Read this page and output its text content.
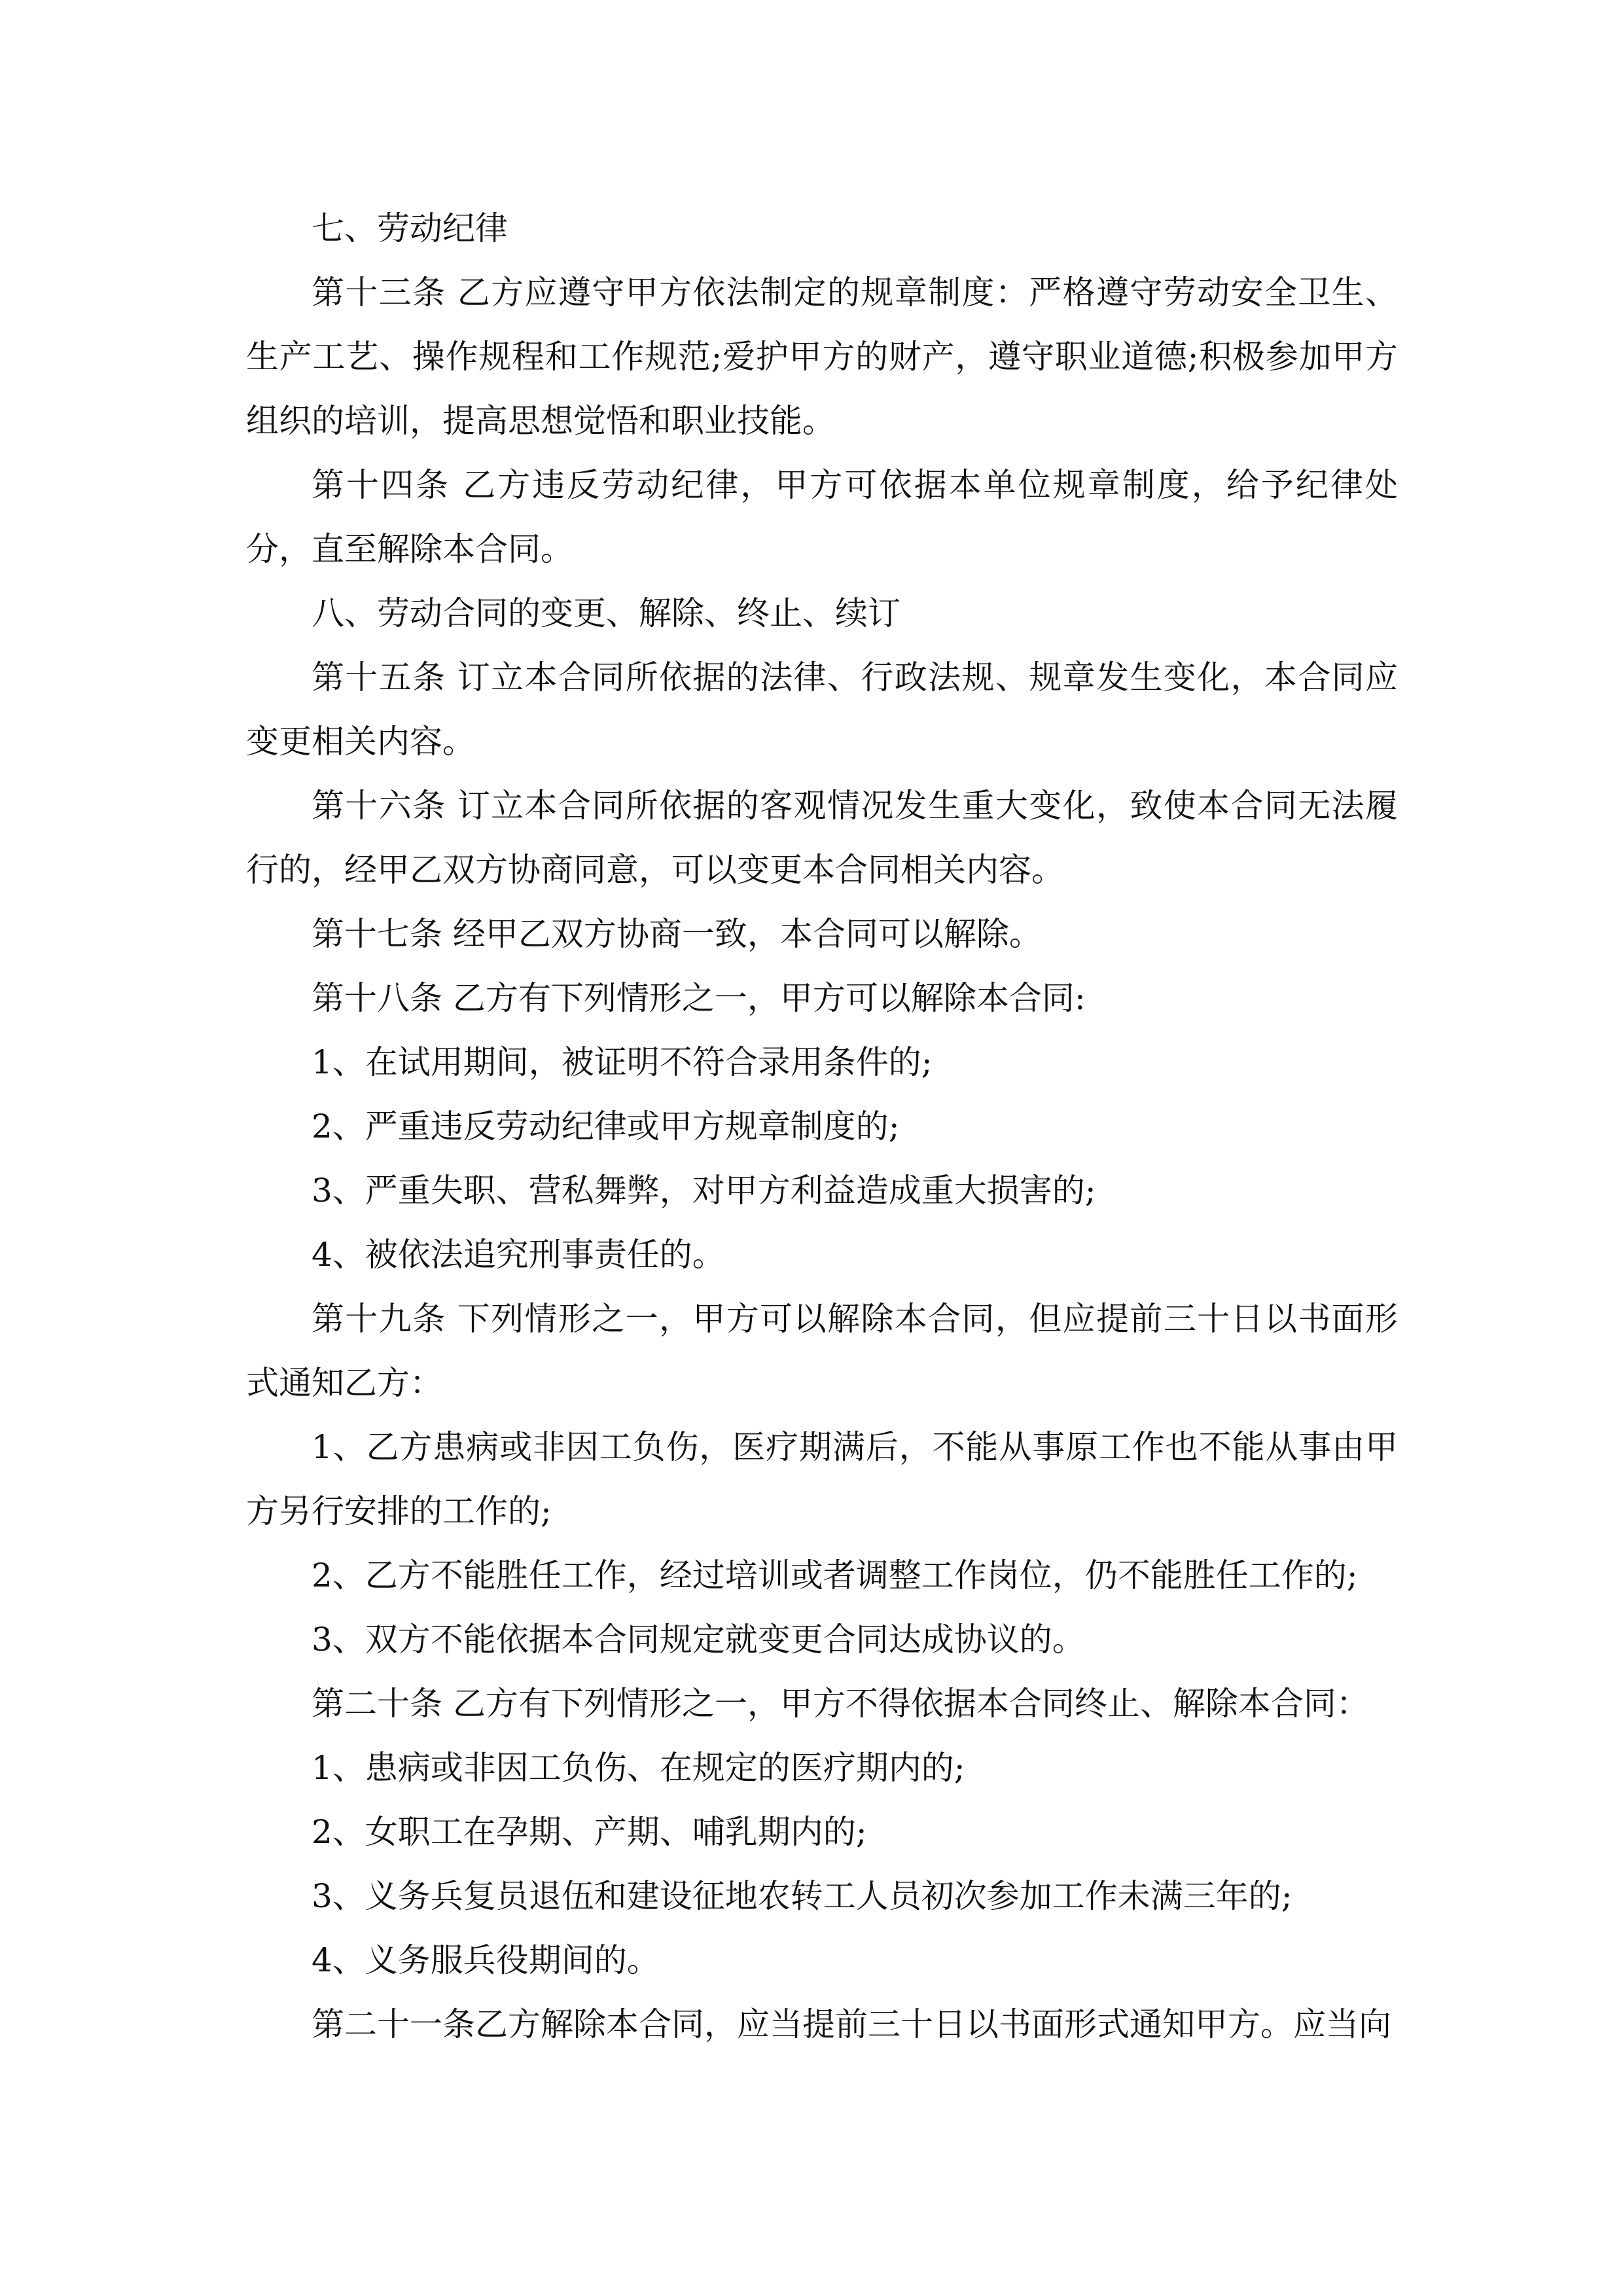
七、劳动纪律

第十三条 乙方应遵守甲方依法制定的规章制度：严格遵守劳动安全卫生、生产工艺、操作规程和工作规范;爱护甲方的财产，遵守职业道德;积极参加甲方组织的培训，提高思想觉悟和职业技能。

第十四条 乙方违反劳动纪律，甲方可依据本单位规章制度，给予纪律处分，直至解除本合同。

八、劳动合同的变更、解除、终止、续订

第十五条 订立本合同所依据的法律、行政法规、规章发生变化，本合同应变更相关内容。

第十六条 订立本合同所依据的客观情况发生重大变化，致使本合同无法履行的，经甲乙双方协商同意，可以变更本合同相关内容。

第十七条 经甲乙双方协商一致，本合同可以解除。

第十八条 乙方有下列情形之一，甲方可以解除本合同:

1、在试用期间，被证明不符合录用条件的;

2、严重违反劳动纪律或甲方规章制度的;

3、严重失职、营私舞弊，对甲方利益造成重大损害的;

4、被依法追究刑事责任的。

第十九条 下列情形之一，甲方可以解除本合同，但应提前三十日以书面形式通知乙方：

1、乙方患病或非因工负伤，医疗期满后，不能从事原工作也不能从事由甲方另行安排的工作的;

2、乙方不能胜任工作，经过培训或者调整工作岗位，仍不能胜任工作的;

3、双方不能依据本合同规定就变更合同达成协议的。

第二十条 乙方有下列情形之一，甲方不得依据本合同终止、解除本合同：

1、患病或非因工负伤、在规定的医疗期内的;

2、女职工在孕期、产期、哺乳期内的;

3、义务兵复员退伍和建设征地农转工人员初次参加工作未满三年的;

4、义务服兵役期间的。

第二十一条乙方解除本合同，应当提前三十日以书面形式通知甲方。应当向
